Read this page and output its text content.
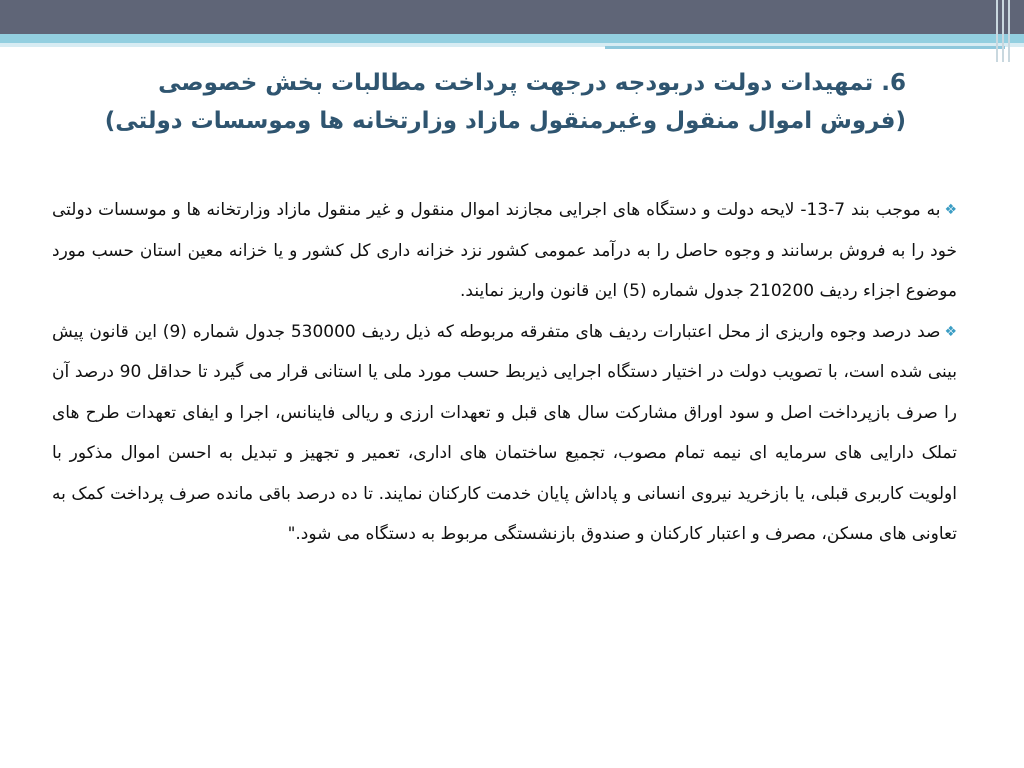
6. تمهیدات دولت دربودجه درجهت پرداخت مطالبات بخش خصوصی
(فروش اموال منقول وغیرمنقول مازاد وزارتخانه ها وموسسات دولتی)

❖به موجب بند 7-13- لایحه دولت و دستگاه های اجرایی مجازند اموال منقول و غیر منقول مازاد وزارتخانه ها و موسسات دولتی خود را به فروش برسانند و وجوه حاصل را به درآمد عمومی کشور نزد خزانه داری کل کشور و یا خزانه معین استان حسب مورد موضوع اجزاء ردیف 210200 جدول شماره (5) این قانون واریز نمایند.

❖صد درصد وجوه واریزی از محل اعتبارات ردیف های متفرقه مربوطه که ذیل ردیف 530000 جدول شماره (9) این قانون پیش بینی شده است، با تصویب دولت در اختیار دستگاه اجرایی ذیربط حسب مورد ملی یا استانی قرار می گیرد تا حداقل 90 درصد آن را صرف بازپرداخت اصل و سود اوراق مشارکت سال های قبل و تعهدات ارزی و ریالی فاینانس، اجرا و ایفای تعهدات طرح های تملک دارایی های سرمایه ای نیمه تمام مصوب، تجمیع ساختمان های اداری، تعمیر و تجهیز و تبدیل به احسن اموال مذکور با اولویت کاربری قبلی، یا بازخرید نیروی انسانی و پاداش پایان خدمت کارکنان نمایند. تا ده درصد باقی مانده صرف پرداخت کمک به تعاونی های مسکن، مصرف و اعتبار کارکنان و صندوق بازنشستگی مربوط به دستگاه می شود."
